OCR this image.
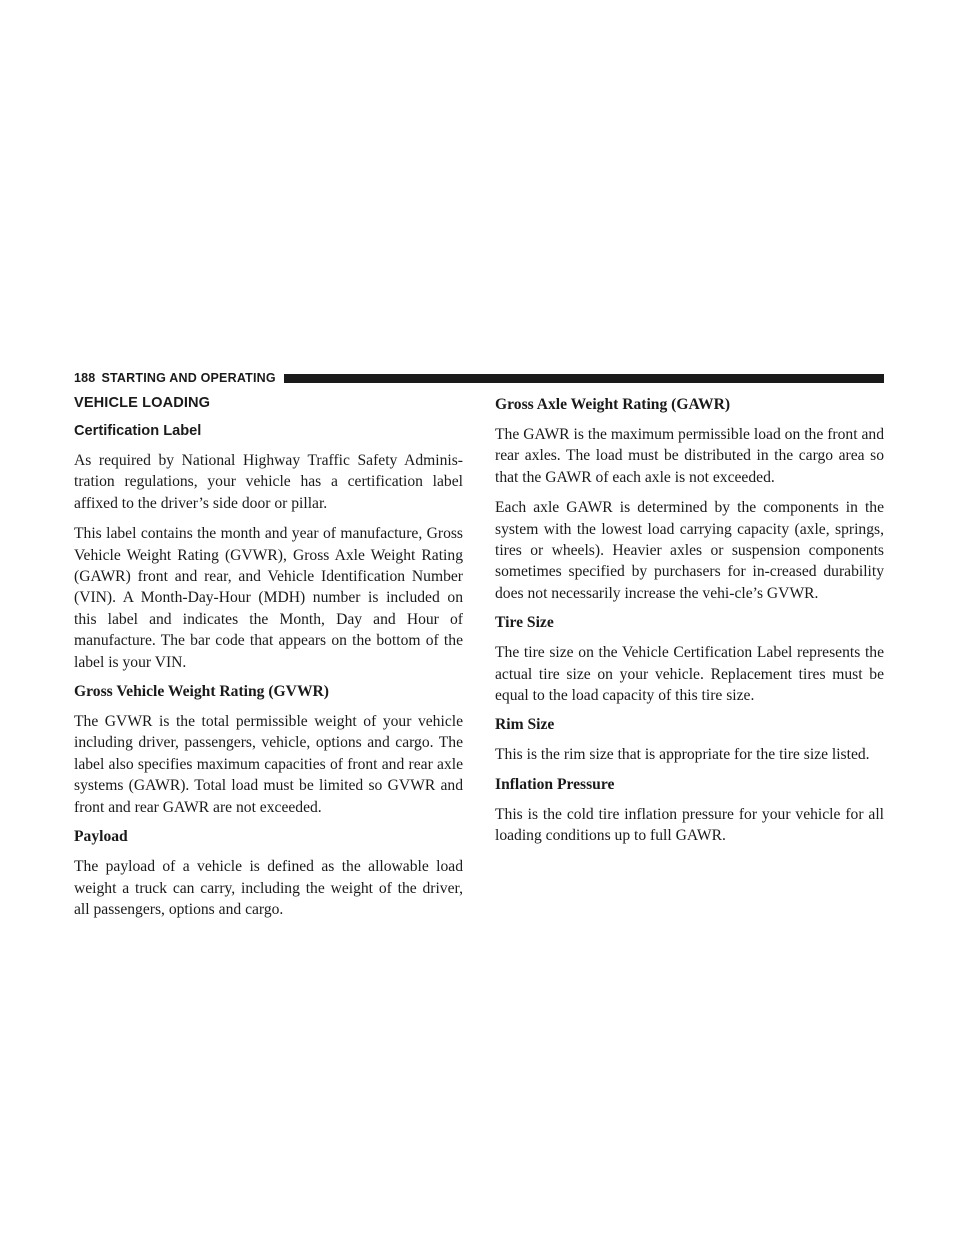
188 STARTING AND OPERATING
VEHICLE LOADING
Certification Label

As required by National Highway Traffic Safety Adminis-tration regulations, your vehicle has a certification label affixed to the driver’s side door or pillar.

This label contains the month and year of manufacture, Gross Vehicle Weight Rating (GVWR), Gross Axle Weight Rating (GAWR) front and rear, and Vehicle Identification Number (VIN). A Month-Day-Hour (MDH) number is included on this label and indicates the Month, Day and Hour of manufacture. The bar code that appears on the bottom of the label is your VIN.

Gross Vehicle Weight Rating (GVWR)

The GVWR is the total permissible weight of your vehicle including driver, passengers, vehicle, options and cargo. The label also specifies maximum capacities of front and rear axle systems (GAWR). Total load must be limited so GVWR and front and rear GAWR are not exceeded.

Payload

The payload of a vehicle is defined as the allowable load weight a truck can carry, including the weight of the driver, all passengers, options and cargo.

Gross Axle Weight Rating (GAWR)

The GAWR is the maximum permissible load on the front and rear axles. The load must be distributed in the cargo area so that the GAWR of each axle is not exceeded.

Each axle GAWR is determined by the components in the system with the lowest load carrying capacity (axle, springs, tires or wheels). Heavier axles or suspension components sometimes specified by purchasers for in-creased durability does not necessarily increase the vehi-cle’s GVWR.

Tire Size

The tire size on the Vehicle Certification Label represents the actual tire size on your vehicle. Replacement tires must be equal to the load capacity of this tire size.

Rim Size

This is the rim size that is appropriate for the tire size listed.

Inflation Pressure

This is the cold tire inflation pressure for your vehicle for all loading conditions up to full GAWR.
